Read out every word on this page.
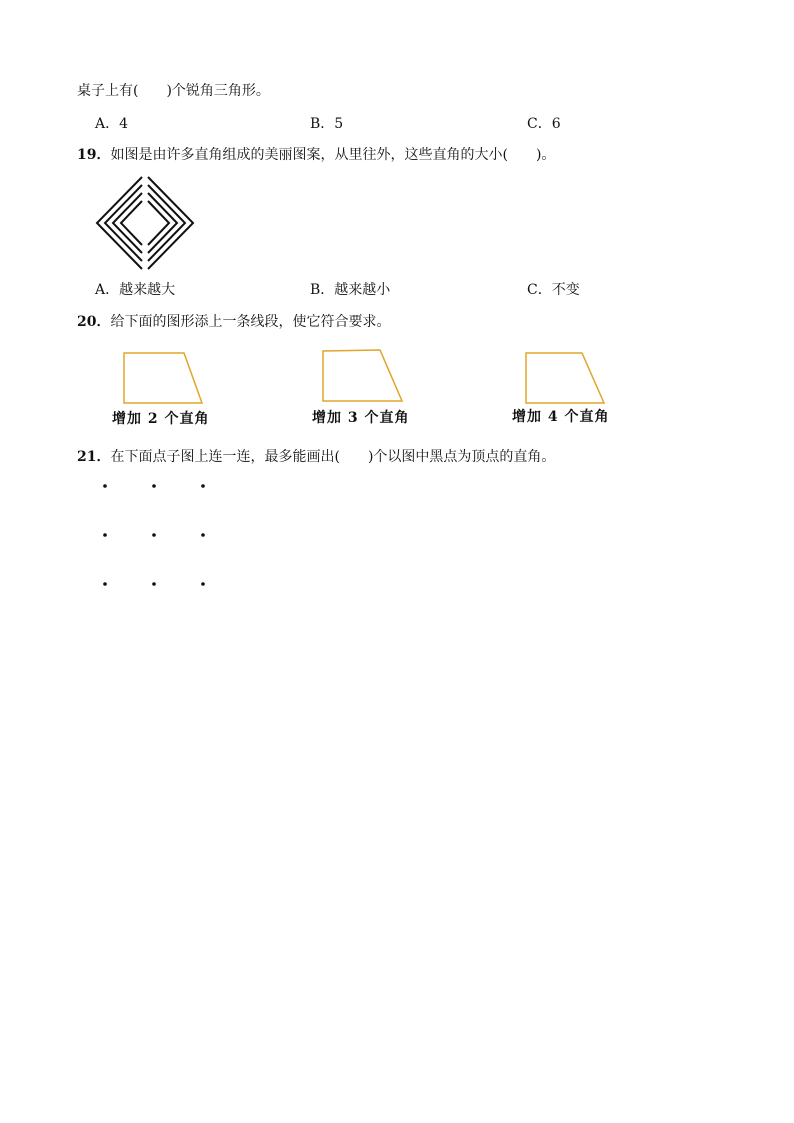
桌子上有(　　)个锐角三角形。
A．4	B．5	C．6
19．如图是由许多直角组成的美丽图案，从里往外，这些直角的大小(　　)。
A．越来越大	B．越来越小	C．不变
20．给下面的图形添上一条线段，使它符合要求。
增加 2 个直角	增加 3 个直角	增加 4 个直角
21．在下面点子图上连一连，最多能画出(　　)个以图中黑点为顶点的直角。
